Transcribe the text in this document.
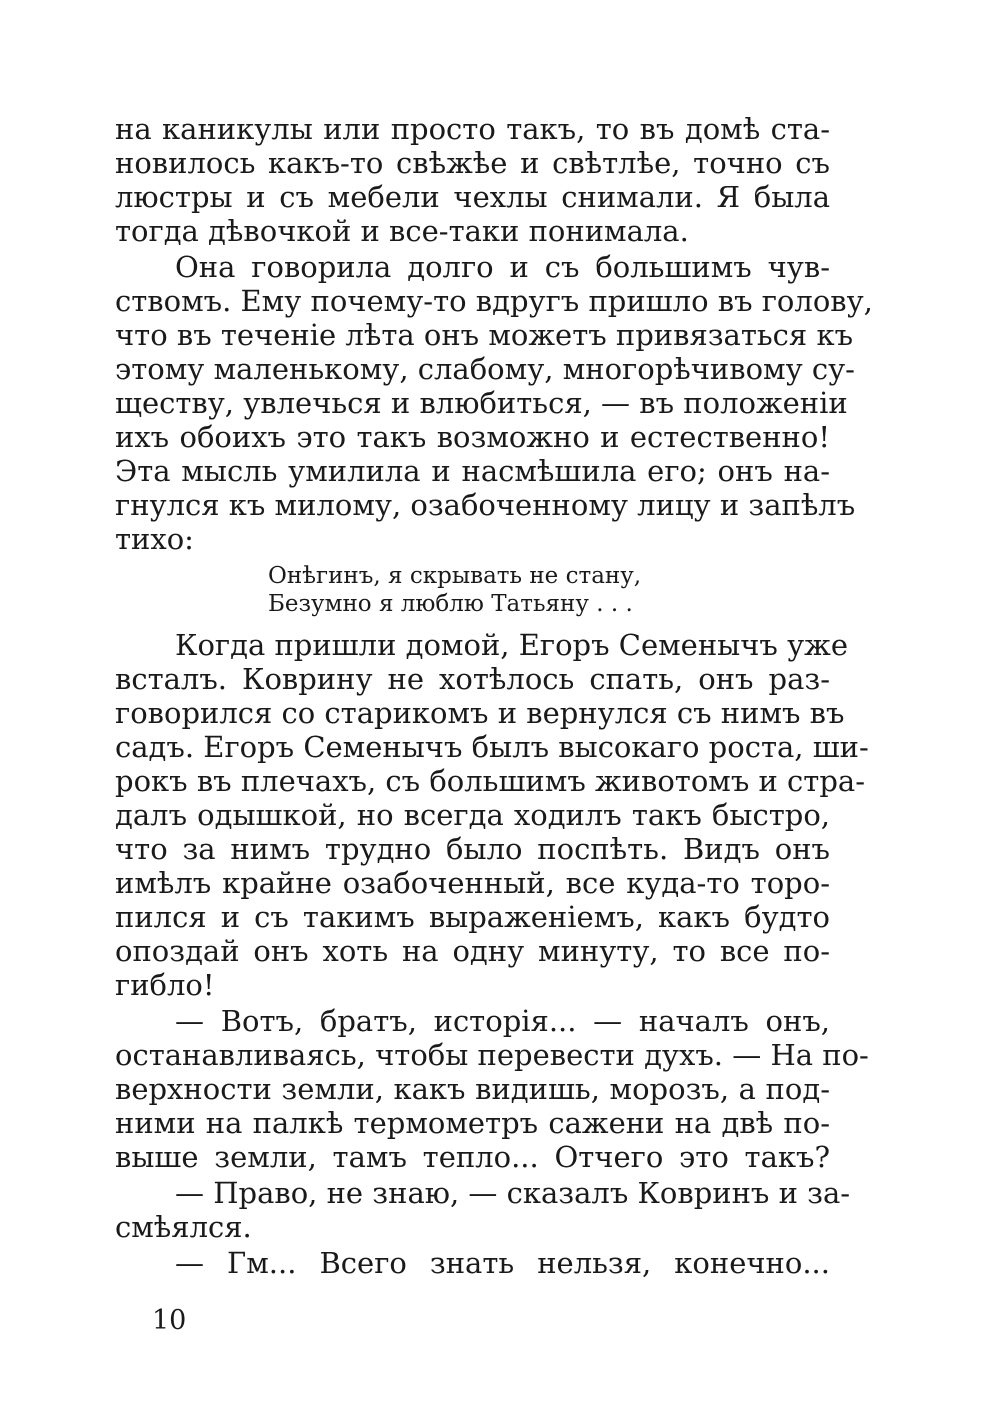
на каникулы или просто такъ, то въ домѣ ста-
новилось какъ-то свѣжѣе и свѣтлѣе, точно съ
люстры и съ мебели чехлы снимали. Я была
тогда дѣвочкой и все-таки понимала.
Она говорила долго и съ большимъ чув-
ствомъ. Ему почему-то вдругъ пришло въ голову,
что въ теченіе лѣта онъ можетъ привязаться къ
этому маленькому, слабому, многорѣчивому су-
ществу, увлечься и влюбиться, — въ положеніи
ихъ обоихъ это такъ возможно и естественно!
Эта мысль умилила и насмѣшила его; онъ на-
гнулся къ милому, озабоченному лицу и запѣлъ
тихо:
Онѣгинъ, я скрывать не стану,
Безумно я люблю Татьяну . . .
Когда пришли домой, Егоръ Семенычъ уже
всталъ. Коврину не хотѣлось спать, онъ раз-
говорился со старикомъ и вернулся съ нимъ въ
садъ. Егоръ Семенычъ былъ высокаго роста, ши-
рокъ въ плечахъ, съ большимъ животомъ и стра-
далъ одышкой, но всегда ходилъ такъ быстро,
что за нимъ трудно было поспѣть. Видъ онъ
имѣлъ крайне озабоченный, все куда-то торо-
пился и съ такимъ выраженіемъ, какъ будто
опоздай онъ хоть на одну минуту, то все по-
гибло!
— Вотъ, братъ, исторія... — началъ онъ,
останавливаясь, чтобы перевести духъ. — На по-
верхности земли, какъ видишь, морозъ, а под-
ними на палкѣ термометръ сажени на двѣ по-
выше земли, тамъ тепло... Отчего это такъ?
— Право, не знаю, — сказалъ Ковринъ и за-
смѣялся.
— Гм... Всего знать нельзя, конечно...
10
